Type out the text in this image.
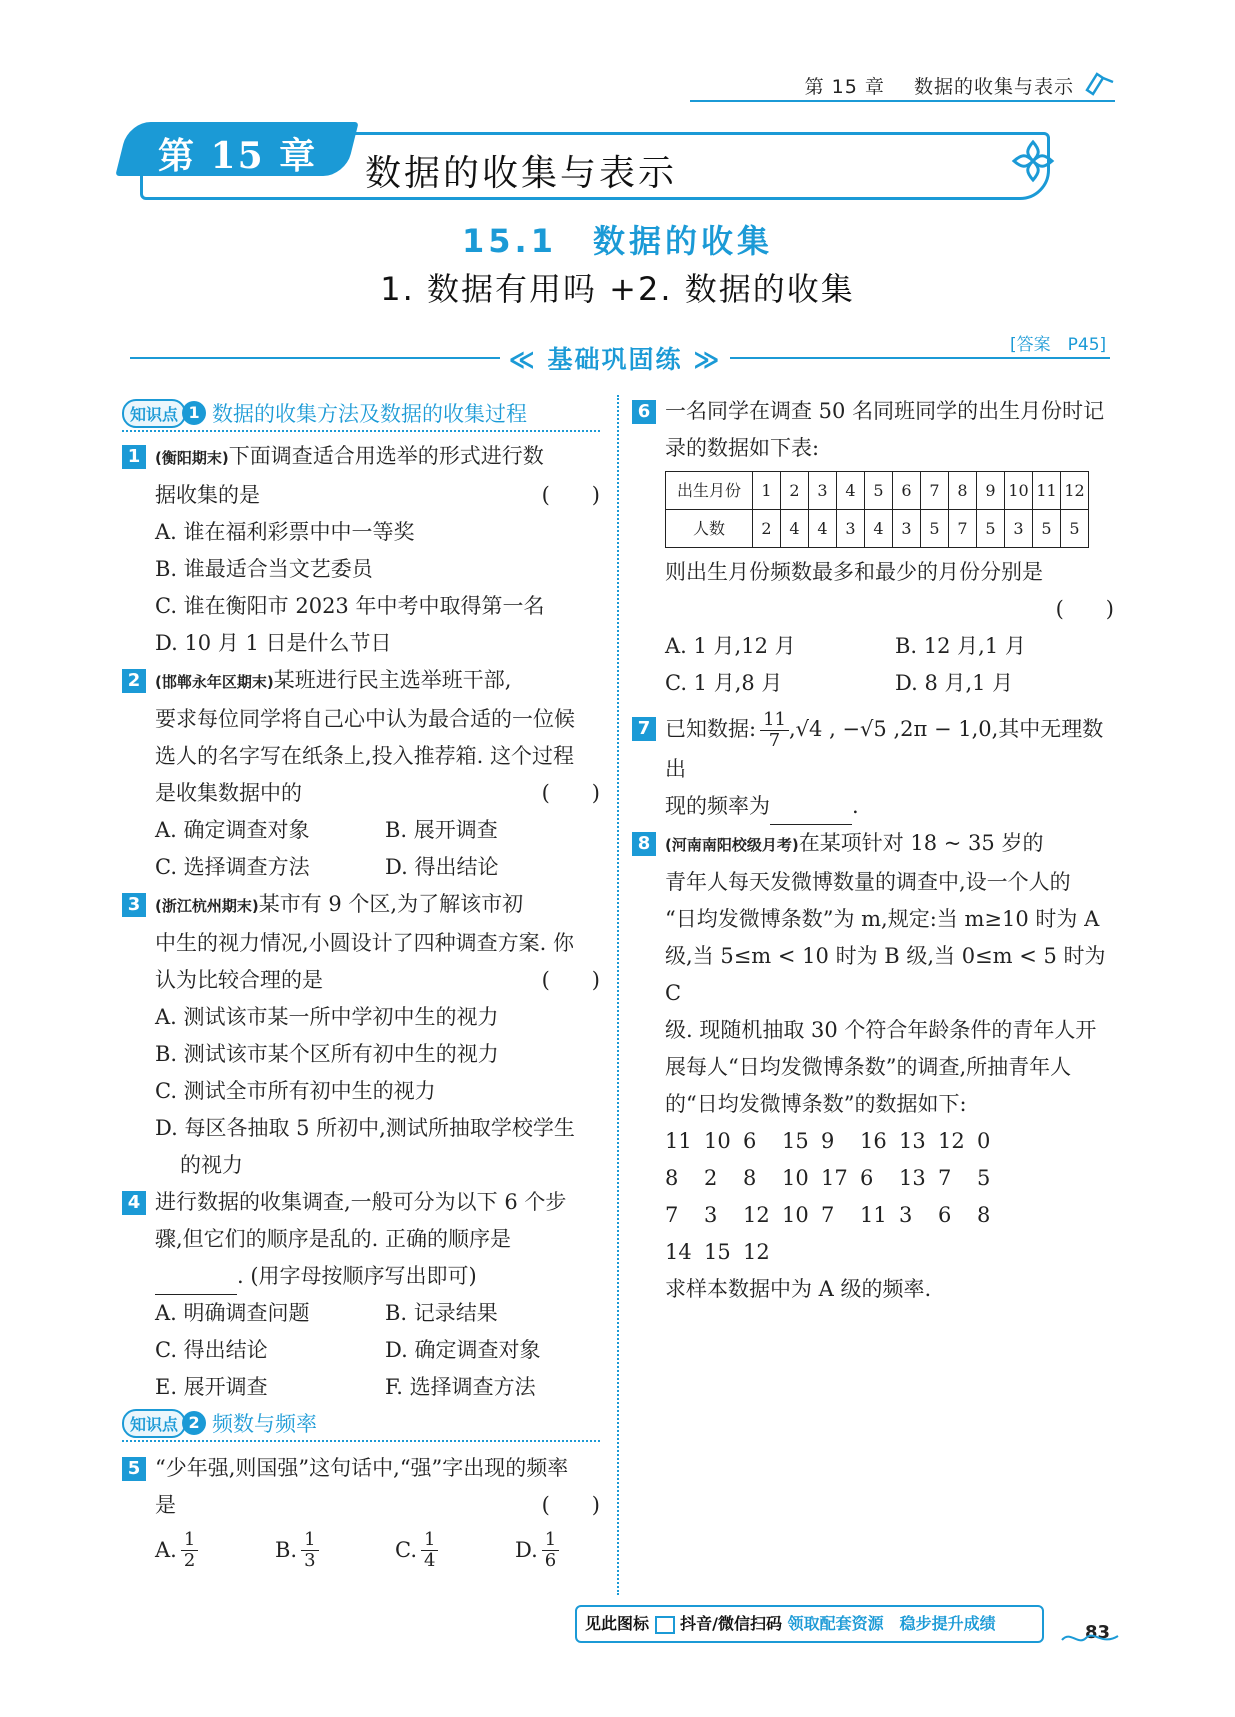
第 15 章 数据的收集与表示
第 15 章	数据的收集与表示
15.1　数据的收集
1. 数据有用吗 +2. 数据的收集
[答案　P45]
≪ 基础巩固练 ≫
知识点 1 数据的收集方法及数据的收集过程
1 (衡阳期末)下面调查适合用选举的形式进行数
据收集的是	(　　)
A. 谁在福利彩票中中一等奖
B. 谁最适合当文艺委员
C. 谁在衡阳市 2023 年中考中取得第一名
D. 10 月 1 日是什么节日
2 (邯郸永年区期末)某班进行民主选举班干部,
要求每位同学将自己心中认为最合适的一位候
选人的名字写在纸条上,投入推荐箱. 这个过程
是收集数据中的	(　　)
A. 确定调查对象	B. 展开调查
C. 选择调查方法	D. 得出结论
3 (浙江杭州期末)某市有 9 个区,为了解该市初
中生的视力情况,小圆设计了四种调查方案. 你
认为比较合理的是	(　　)
A. 测试该市某一所中学初中生的视力
B. 测试该市某个区所有初中生的视力
C. 测试全市所有初中生的视力
D. 每区各抽取 5 所初中,测试所抽取学校学生
的视力
4 进行数据的收集调查,一般可分为以下 6 个步
骤,但它们的顺序是乱的. 正确的顺序是
. (用字母按顺序写出即可)
A. 明确调查问题	B. 记录结果
C. 得出结论	D. 确定调查对象
E. 展开调查	F. 选择调查方法
知识点 2 频数与频率
5 “少年强,则国强”这句话中,“强”字出现的频率
是	(　　)
A. $\frac{1}{2}$	B. $\frac{1}{3}$	C. $\frac{1}{4}$	D. $\frac{1}{6}$
6 一名同学在调查 50 名同班同学的出生月份时记
录的数据如下表:
出生月份	1	2	3	4	5	6	7	8	9	10	11	12
人数	2	4	4	3	4	3	5	7	5	3	5	5
则出生月份频数最多和最少的月份分别是
(　　)
A. 1 月,12 月	B. 12 月,1 月
C. 1 月,8 月	D. 8 月,1 月
7 已知数据: $\frac{11}{7} ,√4$ , −√5 ,2π − 1,0,其中无理数出
现的频率为	.
8 (河南南阳校级月考)在某项针对 18 ~ 35 岁的
青年人每天发微博数量的调查中,设一个人的
“日均发微博条数”为 m,规定:当 m≥10 时为 A
级,当 5≤m < 10 时为 B 级,当 0≤m < 5 时为 C
级. 现随机抽取 30 个符合年龄条件的青年人开
展每人“日均发微博条数”的调查,所抽青年人
的“日均发微博条数”的数据如下:
11 10 6 15 9 16 13 12 0
8 2 8 10 17 6 13 7 5
7 3 12 10 7 11 3 6 8
14 15 12
求样本数据中为 A 级的频率.
见此图标  抖音/微信扫码 领取配套资源　稳步提升成绩	83
